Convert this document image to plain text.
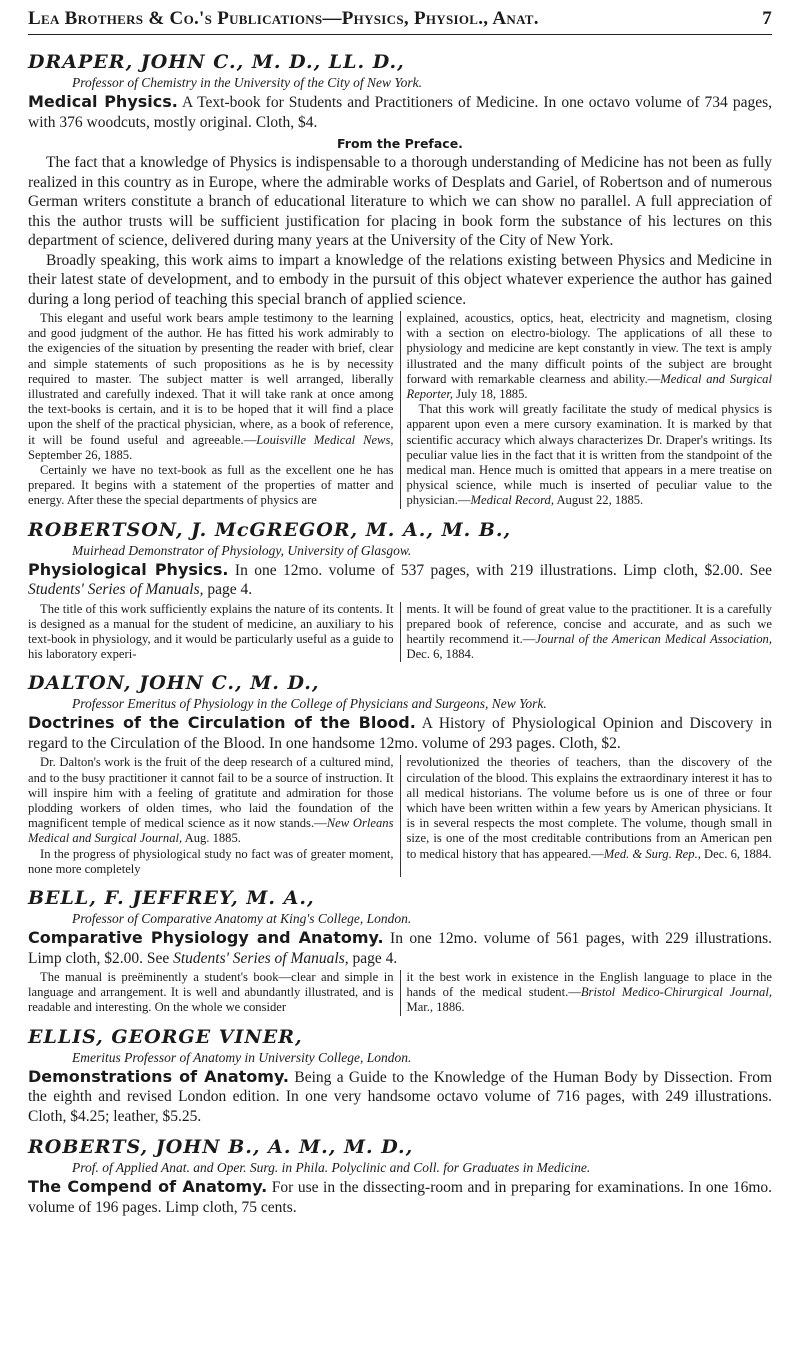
Lea Brothers & Co.'s Publications—Physics, Physiol., Anat.	7
DRAPER, JOHN C., M. D., LL. D.,
Professor of Chemistry in the University of the City of New York.
Medical Physics. A Text-book for Students and Practitioners of Medicine. In one octavo volume of 734 pages, with 376 woodcuts, mostly original. Cloth, $4.
From the Preface.

The fact that a knowledge of Physics is indispensable to a thorough understanding of Medicine has not been as fully realized in this country as in Europe, where the admirable works of Desplats and Gariel, of Robertson and of numerous German writers constitute a branch of educational literature to which we can show no parallel. A full appreciation of this the author trusts will be sufficient justification for placing in book form the substance of his lectures on this department of science, delivered during many years at the University of the City of New York.

Broadly speaking, this work aims to impart a knowledge of the relations existing between Physics and Medicine in their latest state of development, and to embody in the pursuit of this object whatever experience the author has gained during a long period of teaching this special branch of applied science.

This elegant and useful work bears ample testimony to the learning and good judgment of the author. He has fitted his work admirably to the exigencies of the situation by presenting the reader with brief, clear and simple statements of such propositions as he is by necessity required to master. The subject matter is well arranged, liberally illustrated and carefully indexed. That it will take rank at once among the text-books is certain, and it is to be hoped that it will find a place upon the shelf of the practical physician, where, as a book of reference, it will be found useful and agreeable.—Louisville Medical News, September 26, 1885.

Certainly we have no text-book as full as the excellent one he has prepared. It begins with a statement of the properties of matter and energy. After these the special departments of physics are

explained, acoustics, optics, heat, electricity and magnetism, closing with a section on electro-biology. The applications of all these to physiology and medicine are kept constantly in view. The text is amply illustrated and the many difficult points of the subject are brought forward with remarkable clearness and ability.—Medical and Surgical Reporter, July 18, 1885.

That this work will greatly facilitate the study of medical physics is apparent upon even a mere cursory examination. It is marked by that scientific accuracy which always characterizes Dr. Draper's writings. Its peculiar value lies in the fact that it is written from the standpoint of the medical man. Hence much is omitted that appears in a mere treatise on physical science, while much is inserted of peculiar value to the physician.—Medical Record, August 22, 1885.

ROBERTSON, J. McGREGOR, M. A., M. B.,
Muirhead Demonstrator of Physiology, University of Glasgow.
Physiological Physics. In one 12mo. volume of 537 pages, with 219 illustrations. Limp cloth, $2.00. See Students' Series of Manuals, page 4.

The title of this work sufficiently explains the nature of its contents. It is designed as a manual for the student of medicine, an auxiliary to his text-book in physiology, and it would be particularly useful as a guide to his laboratory experi-

ments. It will be found of great value to the practitioner. It is a carefully prepared book of reference, concise and accurate, and as such we heartily recommend it.—Journal of the American Medical Association, Dec. 6, 1884.

DALTON, JOHN C., M. D.,
Professor Emeritus of Physiology in the College of Physicians and Surgeons, New York.
Doctrines of the Circulation of the Blood. A History of Physiological Opinion and Discovery in regard to the Circulation of the Blood. In one handsome 12mo. volume of 293 pages. Cloth, $2.

Dr. Dalton's work is the fruit of the deep research of a cultured mind, and to the busy practitioner it cannot fail to be a source of instruction. It will inspire him with a feeling of gratitute and admiration for those plodding workers of olden times, who laid the foundation of the magnificent temple of medical science as it now stands.—New Orleans Medical and Surgical Journal, Aug. 1885.

In the progress of physiological study no fact was of greater moment, none more completely

revolutionized the theories of teachers, than the discovery of the circulation of the blood. This explains the extraordinary interest it has to all medical historians. The volume before us is one of three or four which have been written within a few years by American physicians. It is in several respects the most complete. The volume, though small in size, is one of the most creditable contributions from an American pen to medical history that has appeared.—Med. & Surg. Rep., Dec. 6, 1884.

BELL, F. JEFFREY, M. A.,
Professor of Comparative Anatomy at King's College, London.
Comparative Physiology and Anatomy. In one 12mo. volume of 561 pages, with 229 illustrations. Limp cloth, $2.00. See Students' Series of Manuals, page 4.

The manual is preëminently a student's book—clear and simple in language and arrangement. It is well and abundantly illustrated, and is readable and interesting. On the whole we consider

it the best work in existence in the English language to place in the hands of the medical student.—Bristol Medico-Chirurgical Journal, Mar., 1886.

ELLIS, GEORGE VINER,
Emeritus Professor of Anatomy in University College, London.
Demonstrations of Anatomy. Being a Guide to the Knowledge of the Human Body by Dissection. From the eighth and revised London edition. In one very handsome octavo volume of 716 pages, with 249 illustrations. Cloth, $4.25; leather, $5.25.
ROBERTS, JOHN B., A. M., M. D.,
Prof. of Applied Anat. and Oper. Surg. in Phila. Polyclinic and Coll. for Graduates in Medicine.
The Compend of Anatomy. For use in the dissecting-room and in preparing for examinations. In one 16mo. volume of 196 pages. Limp cloth, 75 cents.
